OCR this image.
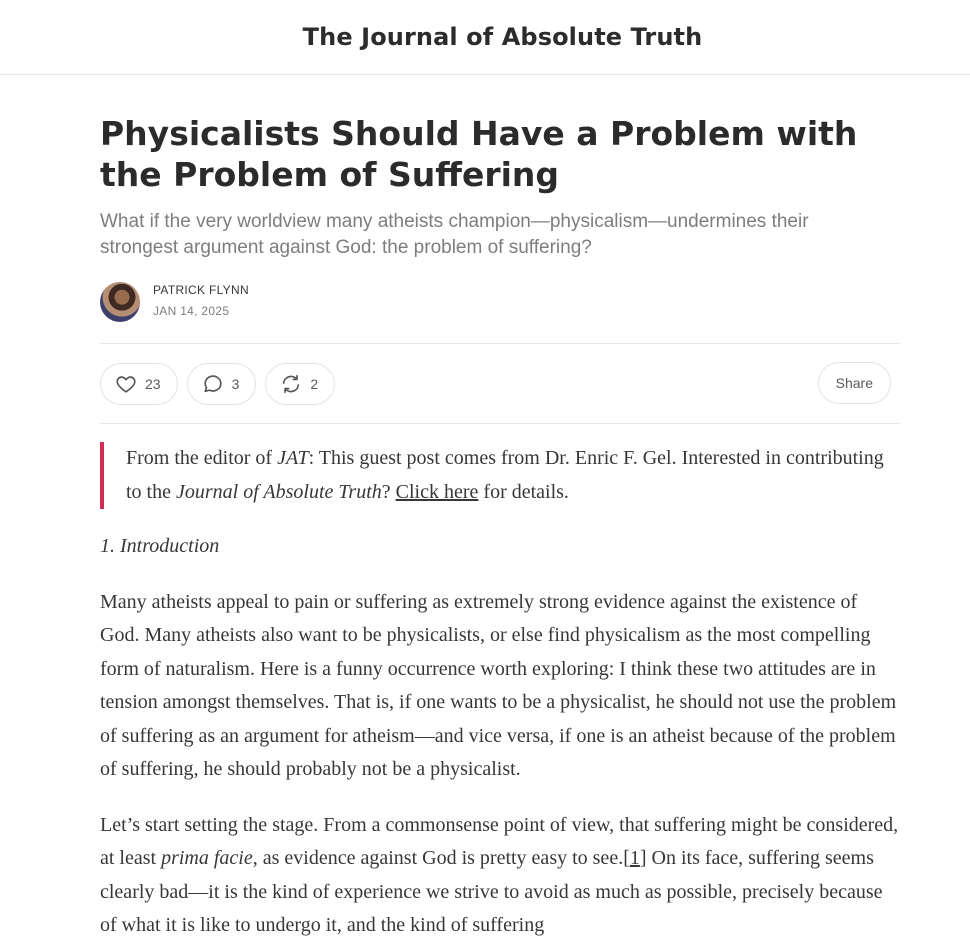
The Journal of Absolute Truth
Physicalists Should Have a Problem with the Problem of Suffering
What if the very worldview many atheists champion—physicalism—undermines their strongest argument against God: the problem of suffering?
PATRICK FLYNN
JAN 14, 2025
23	3	2	Share
From the editor of JAT: This guest post comes from Dr. Enric F. Gel. Interested in contributing to the Journal of Absolute Truth? Click here for details.

1. Introduction

Many atheists appeal to pain or suffering as extremely strong evidence against the existence of God. Many atheists also want to be physicalists, or else find physicalism as the most compelling form of naturalism. Here is a funny occurrence worth exploring: I think these two attitudes are in tension amongst themselves. That is, if one wants to be a physicalist, he should not use the problem of suffering as an argument for atheism—and vice versa, if one is an atheist because of the problem of suffering, he should probably not be a physicalist.

Let’s start setting the stage. From a commonsense point of view, that suffering might be considered, at least prima facie, as evidence against God is pretty easy to see.[1] On its face, suffering seems clearly bad—it is the kind of experience we strive to avoid as much as possible, precisely because of what it is like to undergo it, and the kind of suffering
